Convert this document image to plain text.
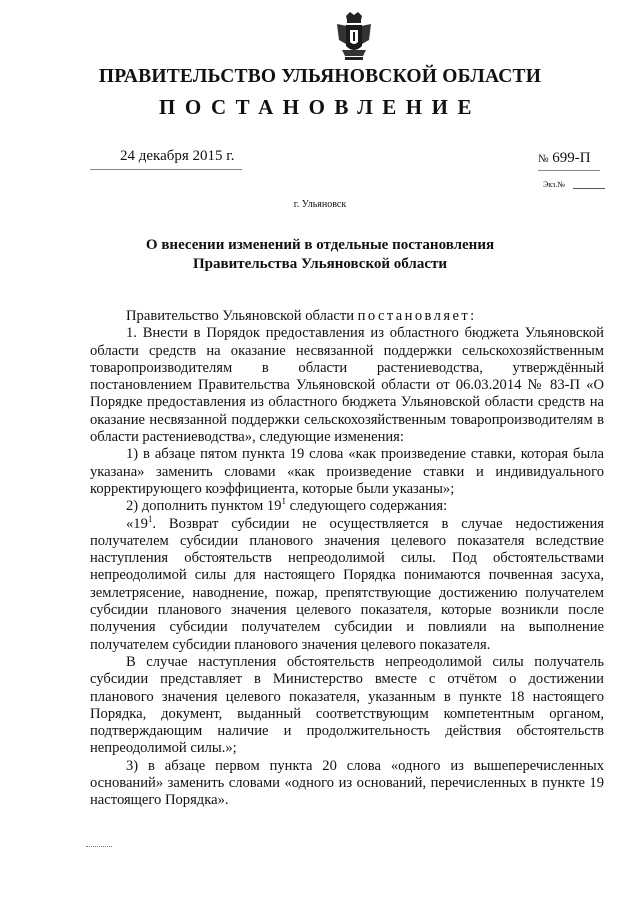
ПРАВИТЕЛЬСТВО УЛЬЯНОВСКОЙ ОБЛАСТИ
ПОСТАНОВЛЕНИЕ
24 декабря 2015 г.	№ 699-П
Экз.№
г. Ульяновск
О внесении изменений в отдельные постановления
Правительства Ульяновской области

Правительство Ульяновской области постановляет:

1. Внести в Порядок предоставления из областного бюджета Ульяновской области средств на оказание несвязанной поддержки сельскохозяйственным товаропроизводителям в области растениеводства, утверждённый постановлением Правительства Ульяновской области от 06.03.2014 № 83-П «О Порядке предоставления из областного бюджета Ульяновской области средств на оказание несвязанной поддержки сельскохозяйственным товаропроизводителям в области растениеводства», следующие изменения:

1) в абзаце пятом пункта 19 слова «как произведение ставки, которая была указана» заменить словами «как произведение ставки и индивидуального корректирующего коэффициента, которые были указаны»;

2) дополнить пунктом $19^1$ следующего содержания:

«$19^1$. Возврат субсидии не осуществляется в случае недостижения получателем субсидии планового значения целевого показателя вследствие наступления обстоятельств непреодолимой силы. Под обстоятельствами непреодолимой силы для настоящего Порядка понимаются почвенная засуха, землетрясение, наводнение, пожар, препятствующие достижению получателем субсидии планового значения целевого показателя, которые возникли после получения субсидии получателем субсидии и повлияли на выполнение получателем субсидии планового значения целевого показателя.

В случае наступления обстоятельств непреодолимой силы получатель субсидии представляет в Министерство вместе с отчётом о достижении планового значения целевого показателя, указанным в пункте 18 настоящего Порядка, документ, выданный соответствующим компетентным органом, подтверждающим наличие и продолжительность действия обстоятельств непреодолимой силы.»;

3) в абзаце первом пункта 20 слова «одного из вышеперечисленных оснований» заменить словами «одного из оснований, перечисленных в пункте 19 настоящего Порядка».
